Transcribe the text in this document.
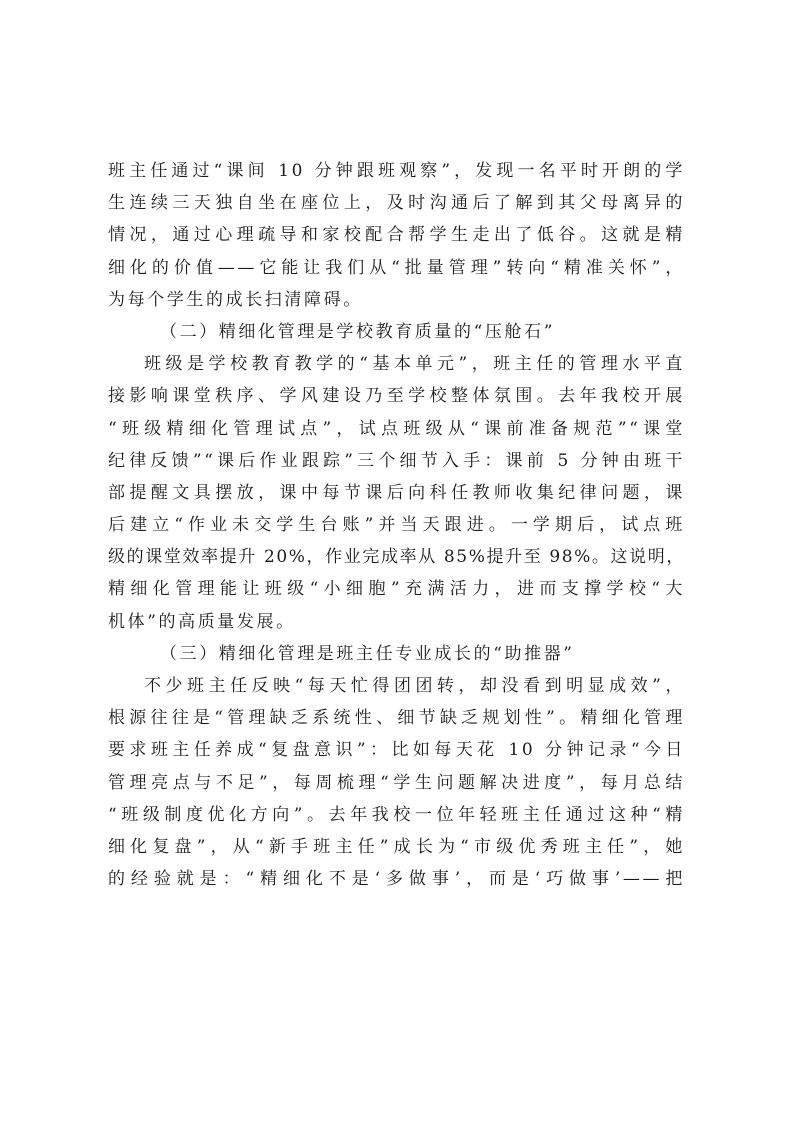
班主任通过“课间 10 分钟跟班观察”，发现一名平时开朗的学
生连续三天独自坐在座位上，及时沟通后了解到其父母离异的
情况，通过心理疏导和家校配合帮学生走出了低谷。这就是精
细化的价值——它能让我们从“批量管理”转向“精准关怀”，
为每个学生的成长扫清障碍。
（二）精细化管理是学校教育质量的“压舱石”
班级是学校教育教学的“基本单元”，班主任的管理水平直
接影响课堂秩序、学风建设乃至学校整体氛围。去年我校开展
“班级精细化管理试点”，试点班级从“课前准备规范”“课堂
纪律反馈”“课后作业跟踪”三个细节入手：课前 5 分钟由班干
部提醒文具摆放，课中每节课后向科任教师收集纪律问题，课
后建立“作业未交学生台账”并当天跟进。一学期后，试点班
级的课堂效率提升 20%，作业完成率从 85%提升至 98%。这说明，
精细化管理能让班级“小细胞”充满活力，进而支撑学校“大
机体”的高质量发展。
（三）精细化管理是班主任专业成长的“助推器”
不少班主任反映“每天忙得团团转，却没看到明显成效”，
根源往往是“管理缺乏系统性、细节缺乏规划性”。精细化管理
要求班主任养成“复盘意识”：比如每天花 10 分钟记录“今日
管理亮点与不足”，每周梳理“学生问题解决进度”，每月总结
“班级制度优化方向”。去年我校一位年轻班主任通过这种“精
细化复盘”，从“新手班主任”成长为“市级优秀班主任”，她
的经验就是：“精细化不是‘多做事’，而是‘巧做事’——把
